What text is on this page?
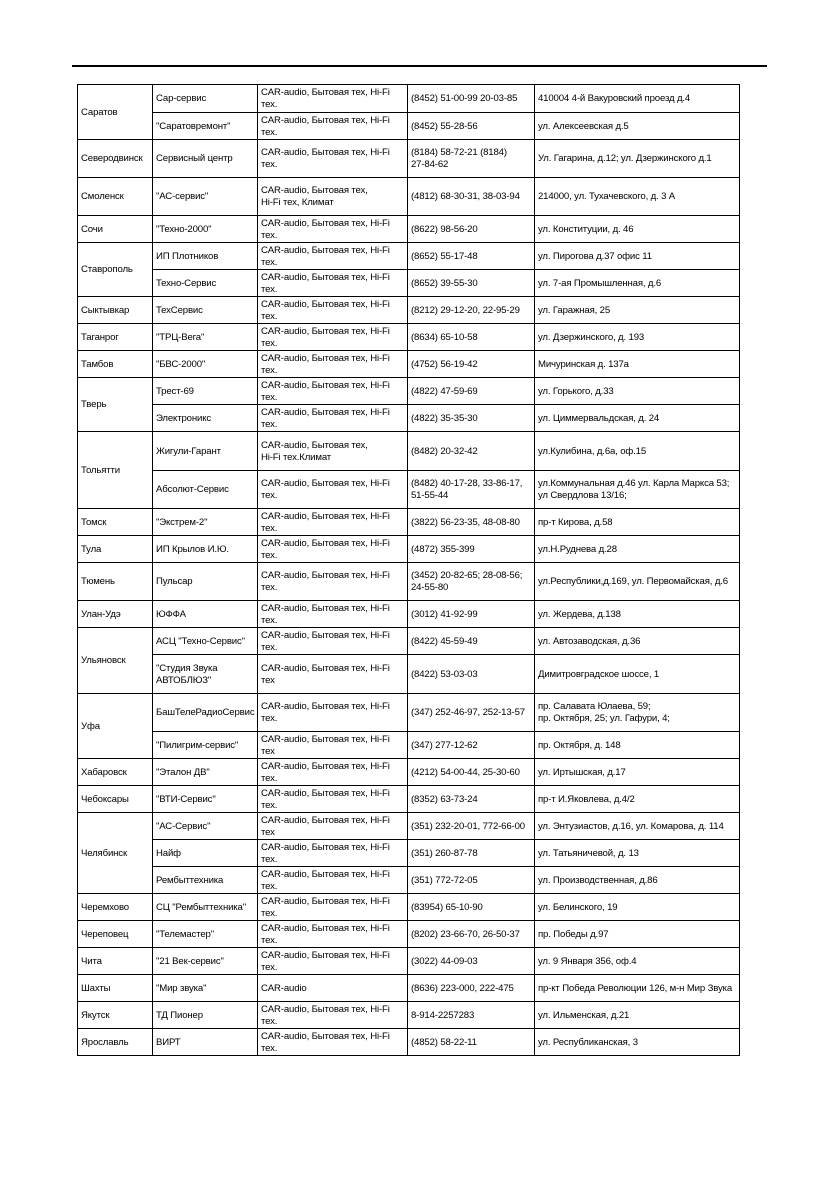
Саратов	Сар-сервис	CAR-audio, Бытовая тех, Hi-Fi тех.	(8452) 51-00-99 20-03-85	410004 4-й Вакуровский проезд д.4
	"Саратовремонт"	CAR-audio, Бытовая тех, Hi-Fi тех.	(8452) 55-28-56	ул. Алексеевская д.5
Северодвинск	Сервисный центр	CAR-audio, Бытовая тех, Hi-Fi тех.	(8184) 58-72-21 (8184)
27-84-62	Ул. Гагарина, д.12; ул. Дзержинского д.1
Смоленск	"АС-сервис"	CAR-audio, Бытовая тех,
Hi-Fi тех, Климат	(4812) 68-30-31, 38-03-94	214000, ул. Тухачевского, д. 3 А
Сочи	"Техно-2000"	CAR-audio, Бытовая тех, Hi-Fi тех.	(8622) 98-56-20	ул. Конституции, д. 46
Ставрополь	ИП Плотников	CAR-audio, Бытовая тех, Hi-Fi тех.	(8652) 55-17-48	ул. Пирогова д.37 офис 11
	Техно-Сервис	CAR-audio, Бытовая тех, Hi-Fi тех.	(8652) 39-55-30	ул. 7-ая Промышленная, д.6
Сыктывкар	ТехСервис	CAR-audio, Бытовая тех, Hi-Fi тех.	(8212) 29-12-20, 22-95-29	ул. Гаражная, 25
Таганрог	"ТРЦ-Вега"	CAR-audio, Бытовая тех, Hi-Fi тех.	(8634) 65-10-58	ул. Дзержинского, д. 193
Тамбов	"БВС-2000"	CAR-audio, Бытовая тех, Hi-Fi тех.	(4752) 56-19-42	Мичуринская д. 137а
Тверь	Трест-69	CAR-audio, Бытовая тех, Hi-Fi тех.	(4822) 47-59-69	ул. Горького, д.33
	Электроникс	CAR-audio, Бытовая тех, Hi-Fi тех.	(4822) 35-35-30	ул. Циммервальдская, д. 24
Тольятти	Жигули-Гарант	CAR-audio, Бытовая тех,
Hi-Fi тех.Климат	(8482) 20-32-42	ул.Кулибина, д.6а, оф.15
	Абсолют-Сервис	CAR-audio, Бытовая тех, Hi-Fi тех.	(8482) 40-17-28, 33-86-17,
51-55-44	ул.Коммунальная д.46 ул. Карла Маркса 53;
ул Свердлова 13/16;
Томск	"Экстрем-2"	CAR-audio, Бытовая тех, Hi-Fi тех.	(3822) 56-23-35, 48-08-80	пр-т Кирова, д.58
Тула	ИП Крылов И.Ю.	CAR-audio, Бытовая тех, Hi-Fi тех.	(4872) 355-399	ул.Н.Руднева д.28
Тюмень	Пульсар	CAR-audio, Бытовая тех, Hi-Fi тех.	(3452) 20-82-65; 28-08-56;
24-55-80	ул.Республики,д.169, ул. Первомайская, д.6
Улан-Удэ	ЮФФА	CAR-audio, Бытовая тех, Hi-Fi тех.	(3012) 41-92-99	ул. Жердева, д.138
Ульяновск	АСЦ "Техно-Сервис"	CAR-audio, Бытовая тех, Hi-Fi тех.	(8422) 45-59-49	ул. Автозаводская, д.36
	"Студия Звука
АВТОБЛЮЗ"	CAR-audio, Бытовая тех, Hi-Fi тех	(8422) 53-03-03	Димитровградское шоссе, 1
Уфа	БашТелеРадиоСервис	CAR-audio, Бытовая тех, Hi-Fi тех.	(347) 252-46-97, 252-13-57	пр. Салавата Юлаева, 59;
пр. Октября, 25; ул. Гафури, 4;
	"Пилигрим-сервис"	CAR-audio, Бытовая тех, Hi-Fi тех	(347) 277-12-62	пр. Октября, д. 148
Хабаровск	"Эталон ДВ"	CAR-audio, Бытовая тех, Hi-Fi тех.	(4212) 54-00-44, 25-30-60	ул. Иртышская, д.17
Чебоксары	"ВТИ-Сервис"	CAR-audio, Бытовая тех, Hi-Fi тех.	(8352) 63-73-24	пр-т И.Яковлева, д.4/2
Челябинск	"АС-Сервис"	CAR-audio, Бытовая тех, Hi-Fi тех	(351) 232-20-01, 772-66-00	ул. Энтузиастов, д.16, ул. Комарова, д. 114
	Найф	CAR-audio, Бытовая тех, Hi-Fi тех.	(351) 260-87-78	ул. Татьяничевой, д. 13
	Рембыттехника	CAR-audio, Бытовая тех, Hi-Fi тех.	(351) 772-72-05	ул. Производственная, д.86
Черемхово	СЦ "Рембыттехника"	CAR-audio, Бытовая тех, Hi-Fi тех.	(83954) 65-10-90	ул. Белинского, 19
Череповец	"Телемастер"	CAR-audio, Бытовая тех, Hi-Fi тех.	(8202) 23-66-70, 26-50-37	пр. Победы д.97
Чита	"21 Век-сервис"	CAR-audio, Бытовая тех, Hi-Fi тех.	(3022) 44-09-03	ул. 9 Января 356, оф.4
Шахты	"Мир звука"	CAR-audio	(8636) 223-000, 222-475	пр-кт Победа Революции 126, м-н Мир Звука
Якутск	ТД Пионер	CAR-audio, Бытовая тех, Hi-Fi тех.	8-914-2257283	ул. Ильменская, д.21
Ярославль	ВИРТ	CAR-audio, Бытовая тех, Hi-Fi тех.	(4852) 58-22-11	ул. Республиканская, 3
